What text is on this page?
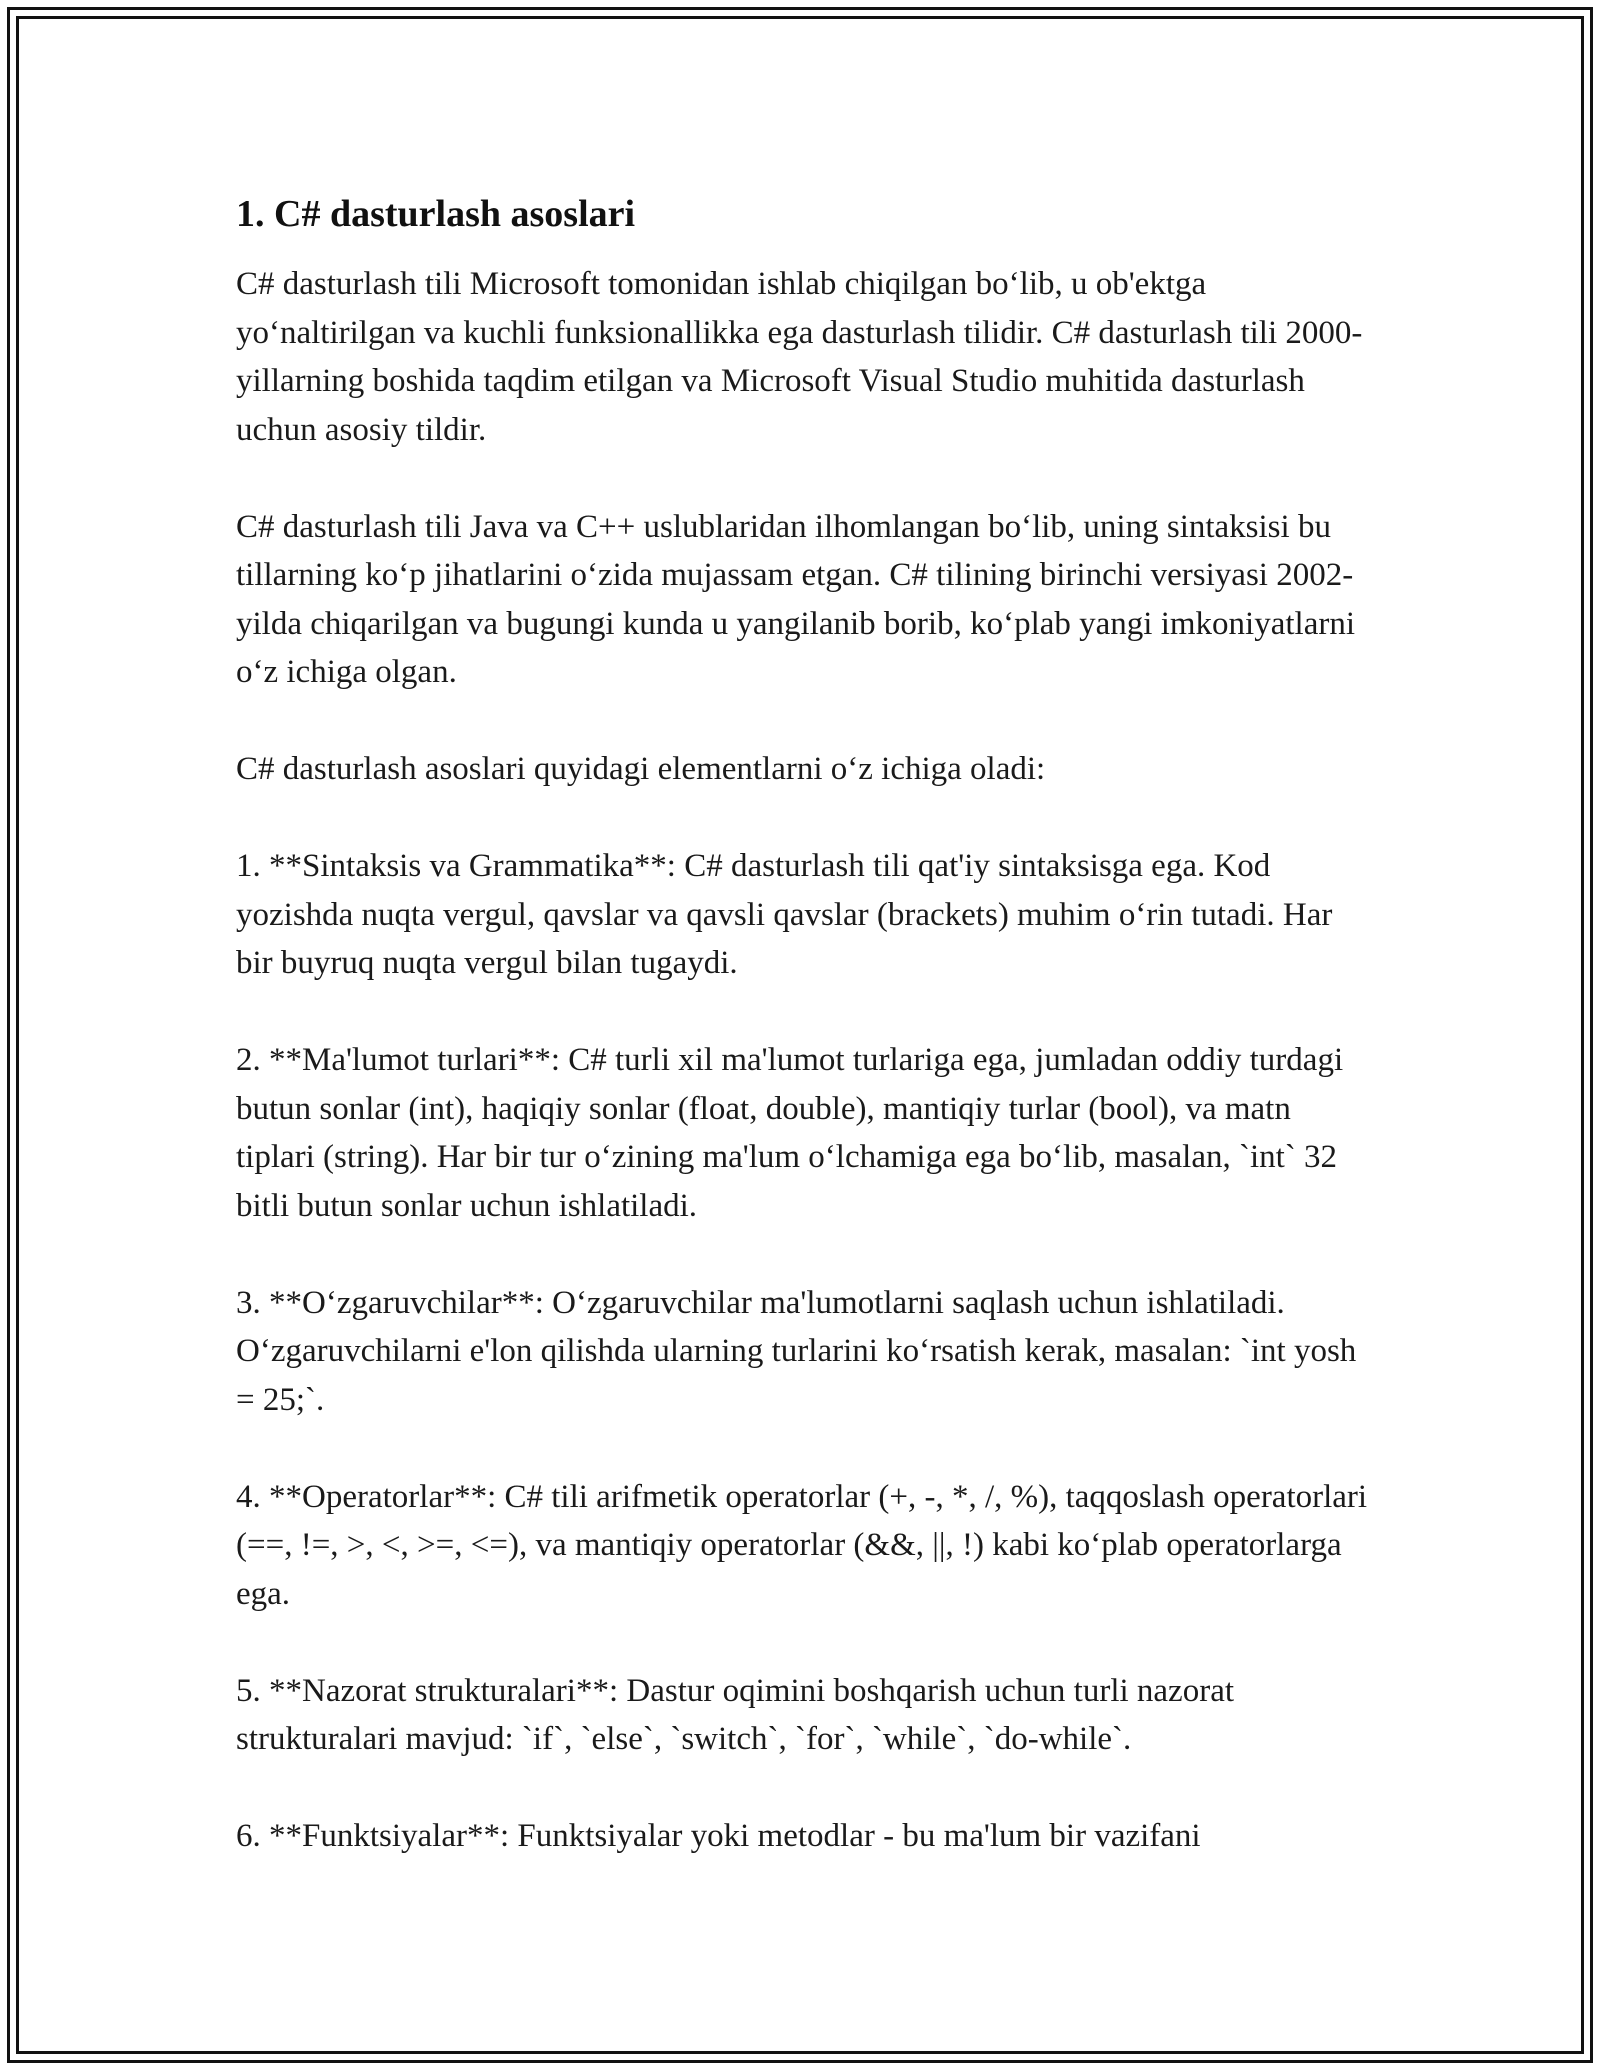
1. C# dasturlash asoslari

C# dasturlash tili Microsoft tomonidan ishlab chiqilgan bo‘lib, u ob'ektga yo‘naltirilgan va kuchli funksionallikka ega dasturlash tilidir. C# dasturlash tili 2000-yillarning boshida taqdim etilgan va Microsoft Visual Studio muhitida dasturlash uchun asosiy tildir.

C# dasturlash tili Java va C++ uslublaridan ilhomlangan bo‘lib, uning sintaksisi bu tillarning ko‘p jihatlarini o‘zida mujassam etgan. C# tilining birinchi versiyasi 2002-yilda chiqarilgan va bugungi kunda u yangilanib borib, ko‘plab yangi imkoniyatlarni o‘z ichiga olgan.

C# dasturlash asoslari quyidagi elementlarni o‘z ichiga oladi:

1. **Sintaksis va Grammatika**: C# dasturlash tili qat'iy sintaksisga ega. Kod yozishda nuqta vergul, qavslar va qavsli qavslar (brackets) muhim o‘rin tutadi. Har bir buyruq nuqta vergul bilan tugaydi.

2. **Ma'lumot turlari**: C# turli xil ma'lumot turlariga ega, jumladan oddiy turdagi butun sonlar (int), haqiqiy sonlar (float, double), mantiqiy turlar (bool), va matn tiplari (string). Har bir tur o‘zining ma'lum o‘lchamiga ega bo‘lib, masalan, `int` 32 bitli butun sonlar uchun ishlatiladi.

3. **O‘zgaruvchilar**: O‘zgaruvchilar ma'lumotlarni saqlash uchun ishlatiladi. O‘zgaruvchilarni e'lon qilishda ularning turlarini ko‘rsatish kerak, masalan: `int yosh = 25;`.

4. **Operatorlar**: C# tili arifmetik operatorlar (+, -, *, /, %), taqqoslash operatorlari (==, !=, >, <, >=, <=), va mantiqiy operatorlar (&&, ||, !) kabi ko‘plab operatorlarga ega.

5. **Nazorat strukturalari**: Dastur oqimini boshqarish uchun turli nazorat strukturalari mavjud: `if`, `else`, `switch`, `for`, `while`, `do-while`.

6. **Funktsiyalar**: Funktsiyalar yoki metodlar - bu ma'lum bir vazifani
